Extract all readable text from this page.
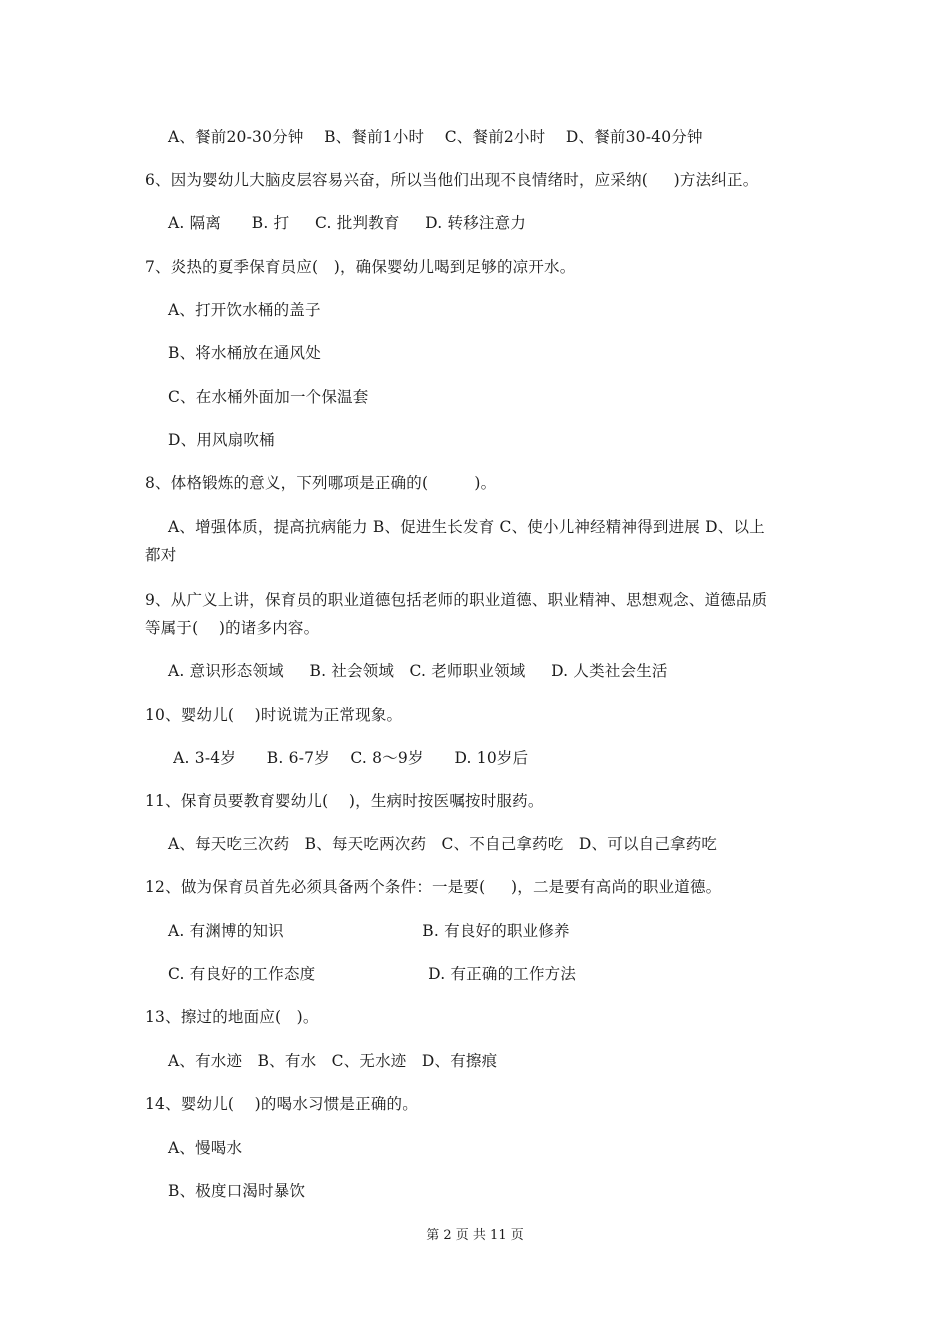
A、餐前20-30分钟    B、餐前1小时    C、餐前2小时    D、餐前30-40分钟
6、因为婴幼儿大脑皮层容易兴奋，所以当他们出现不良情绪时，应采纳(     )方法纠正。
A. 隔离      B. 打     C. 批判教育     D. 转移注意力
7、炎热的夏季保育员应(   )，确保婴幼儿喝到足够的凉开水。
A、打开饮水桶的盖子
B、将水桶放在通风处
C、在水桶外面加一个保温套
D、用风扇吹桶
8、体格锻炼的意义，下列哪项是正确的(         )。
A、增强体质，提高抗病能力 B、促进生长发育 C、使小儿神经精神得到进展 D、以上
都对
9、从广义上讲，保育员的职业道德包括老师的职业道德、职业精神、思想观念、道德品质
等属于(    )的诸多内容。
A. 意识形态领域     B. 社会领域   C. 老师职业领域     D. 人类社会生活
10、婴幼儿(    )时说谎为正常现象。
A. 3-4岁      B. 6-7岁    C. 8～9岁      D. 10岁后
11、保育员要教育婴幼儿(    )，生病时按医嘱按时服药。
A、每天吃三次药   B、每天吃两次药   C、不自己拿药吃   D、可以自己拿药吃
12、做为保育员首先必须具备两个条件：一是要(     )，二是要有高尚的职业道德。
A. 有渊博的知识                           B. 有良好的职业修养
C. 有良好的工作态度                      D. 有正确的工作方法
13、擦过的地面应(   )。
A、有水迹   B、有水   C、无水迹   D、有擦痕
14、婴幼儿(    )的喝水习惯是正确的。
A、慢喝水
B、极度口渴时暴饮
第 2 页 共 11 页
